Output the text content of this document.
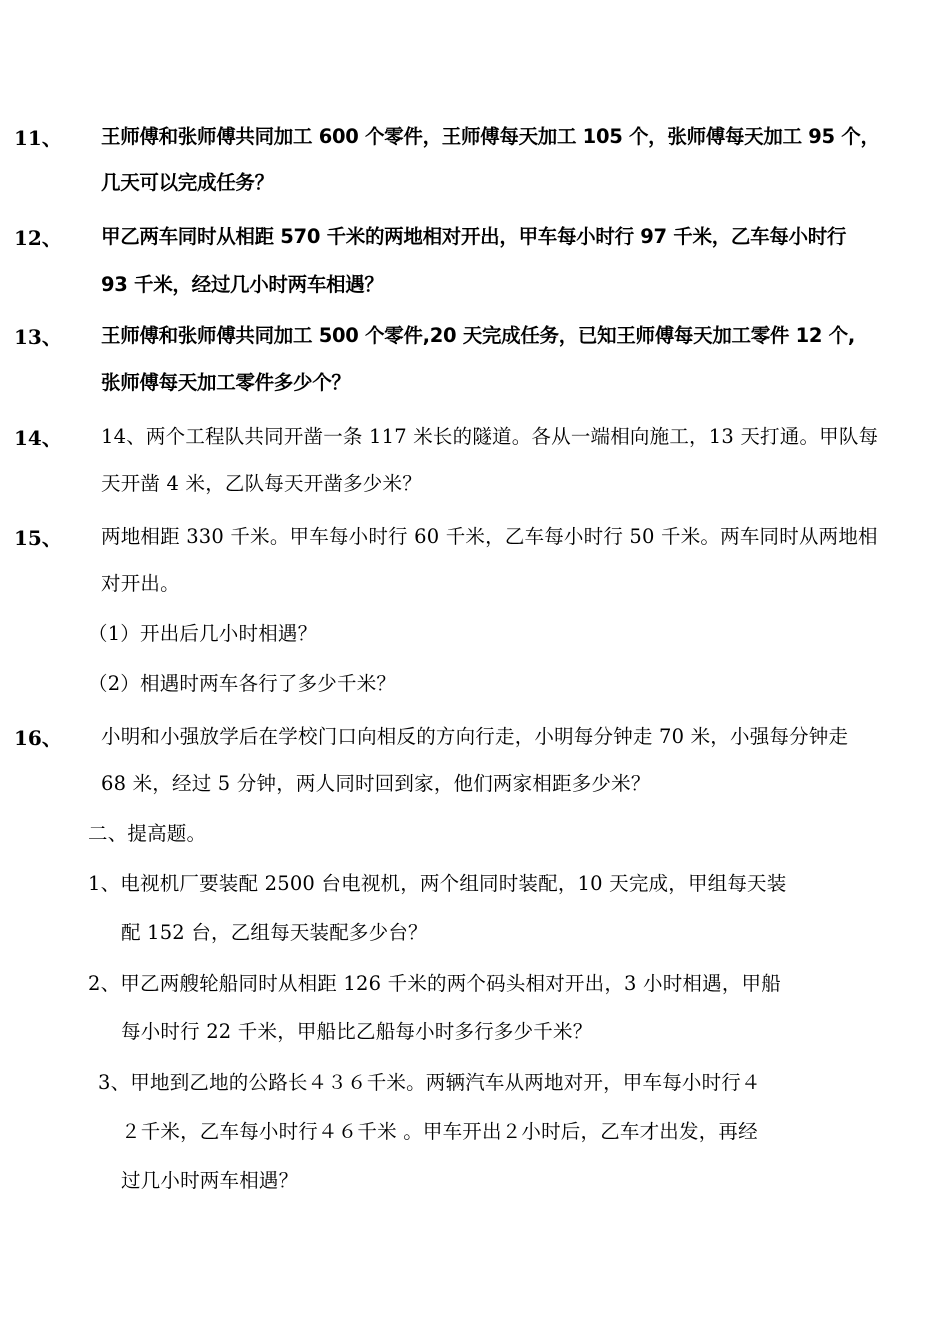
11、 王师傅和张师傅共同加工 600 个零件，王师傅每天加工 105 个，张师傅每天加工 95 个，
几天可以完成任务？
12、 甲乙两车同时从相距 570 千米的两地相对开出，甲车每小时行 97 千米，乙车每小时行
93 千米，经过几小时两车相遇？
13、 王师傅和张师傅共同加工 500 个零件,20 天完成任务，已知王师傅每天加工零件 12 个,
张师傅每天加工零件多少个？
14、 14、两个工程队共同开凿一条 117 米长的隧道。各从一端相向施工，13 天打通。甲队每
天开凿 4 米，乙队每天开凿多少米？
15、 两地相距 330 千米。甲车每小时行 60 千米，乙车每小时行 50 千米。两车同时从两地相
对开出。
（1）开出后几小时相遇？
（2）相遇时两车各行了多少千米？
16、 小明和小强放学后在学校门口向相反的方向行走，小明每分钟走 70 米，小强每分钟走
68 米，经过 5 分钟，两人同时回到家，他们两家相距多少米？
二、提高题。
1、电视机厂要装配 2500 台电视机，两个组同时装配，10 天完成，甲组每天装
配 152 台，乙组每天装配多少台？
2、甲乙两艘轮船同时从相距 126 千米的两个码头相对开出，3 小时相遇，甲船
每小时行 22 千米，甲船比乙船每小时多行多少千米？
3、甲地到乙地的公路长４３６千米。两辆汽车从两地对开，甲车每小时行４
２千米，乙车每小时行４６千米 。甲车开出２小时后，乙车才出发，再经
过几小时两车相遇？
